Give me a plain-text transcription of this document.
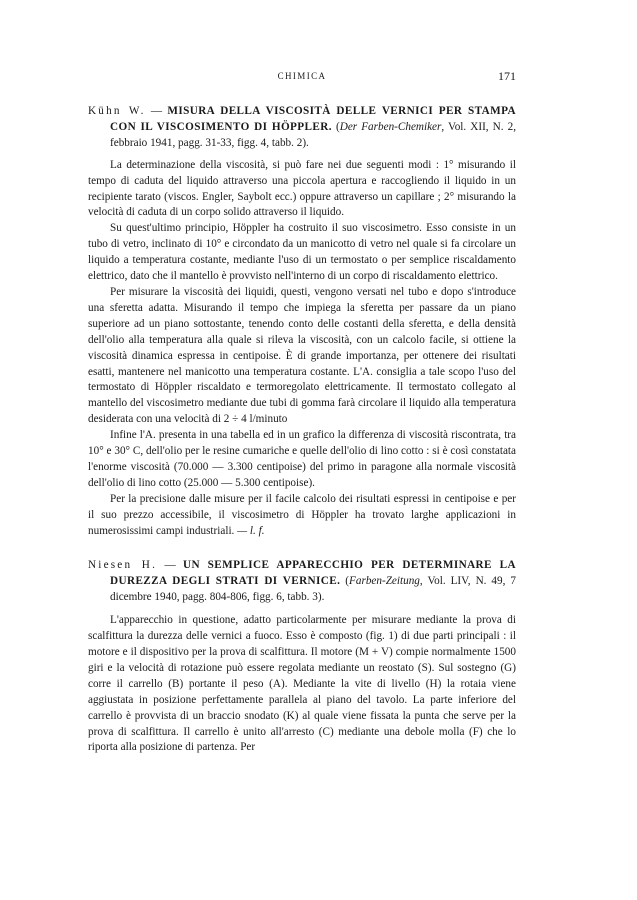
CHIMICA	171
Kühn W. — MISURA DELLA VISCOSITÀ DELLE VERNICI PER STAMPA CON IL VISCOSIMENTO DI HÖPPLER. (Der Farben-Chemiker, Vol. XII, N. 2, febbraio 1941, pagg. 31-33, figg. 4, tabb. 2).

La determinazione della viscosità, si può fare nei due seguenti modi : 1° misurando il tempo di caduta del liquido attraverso una piccola apertura e raccogliendo il liquido in un recipiente tarato (viscos. Engler, Saybolt ecc.) oppure attraverso un capillare ; 2° misurando la velocità di caduta di un corpo solido attraverso il liquido.

Su quest'ultimo principio, Höppler ha costruito il suo viscosimetro. Esso consiste in un tubo di vetro, inclinato di 10° e circondato da un manicotto di vetro nel quale si fa circolare un liquido a temperatura costante, mediante l'uso di un termostato o per semplice riscaldamento elettrico, dato che il mantello è provvisto nell'interno di un corpo di riscaldamento elettrico.

Per misurare la viscosità dei liquidi, questi, vengono versati nel tubo e dopo s'introduce una sferetta adatta. Misurando il tempo che impiega la sferetta per passare da un piano superiore ad un piano sottostante, tenendo conto delle costanti della sferetta, e della densità dell'olio alla temperatura alla quale si rileva la viscosità, con un calcolo facile, si ottiene la viscosità dinamica espressa in centipoise. È di grande importanza, per ottenere dei risultati esatti, mantenere nel manicotto una temperatura costante. L'A. consiglia a tale scopo l'uso del termostato di Höppler riscaldato e termoregolato elettricamente. Il termostato collegato al mantello del viscosimetro mediante due tubi di gomma farà circolare il liquido alla temperatura desiderata con una velocità di 2 ÷ 4 l/minuto

Infine l'A. presenta in una tabella ed in un grafico la differenza di viscosità riscontrata, tra 10° e 30° C, dell'olio per le resine cumariche e quelle dell'olio di lino cotto : si è così constatata l'enorme viscosità (70.000 — 3.300 centipoise) del primo in paragone alla normale viscosità dell'olio di lino cotto (25.000 — 5.300 centipoise).

Per la precisione dalle misure per il facile calcolo dei risultati espressi in centipoise e per il suo prezzo accessibile, il viscosimetro di Höppler ha trovato larghe applicazioni in numerosissimi campi industriali. — l. f.

Niesen H. — UN SEMPLICE APPARECCHIO PER DETERMINARE LA DUREZZA DEGLI STRATI DI VERNICE. (Farben-Zeitung, Vol. LIV, N. 49, 7 dicembre 1940, pagg. 804-806, figg. 6, tabb. 3).

L'apparecchio in questione, adatto particolarmente per misurare mediante la prova di scalfittura la durezza delle vernici a fuoco. Esso è composto (fig. 1) di due parti principali : il motore e il dispositivo per la prova di scalfittura. Il motore (M + V) compie normalmente 1500 giri e la velocità di rotazione può essere regolata mediante un reostato (S). Sul sostegno (G) corre il carrello (B) portante il peso (A). Mediante la vite di livello (H) la rotaia viene aggiustata in posizione perfettamente parallela al piano del tavolo. La parte inferiore del carrello è provvista di un braccio snodato (K) al quale viene fissata la punta che serve per la prova di scalfittura. Il carrello è unito all'arresto (C) mediante una debole molla (F) che lo riporta alla posizione di partenza. Per
